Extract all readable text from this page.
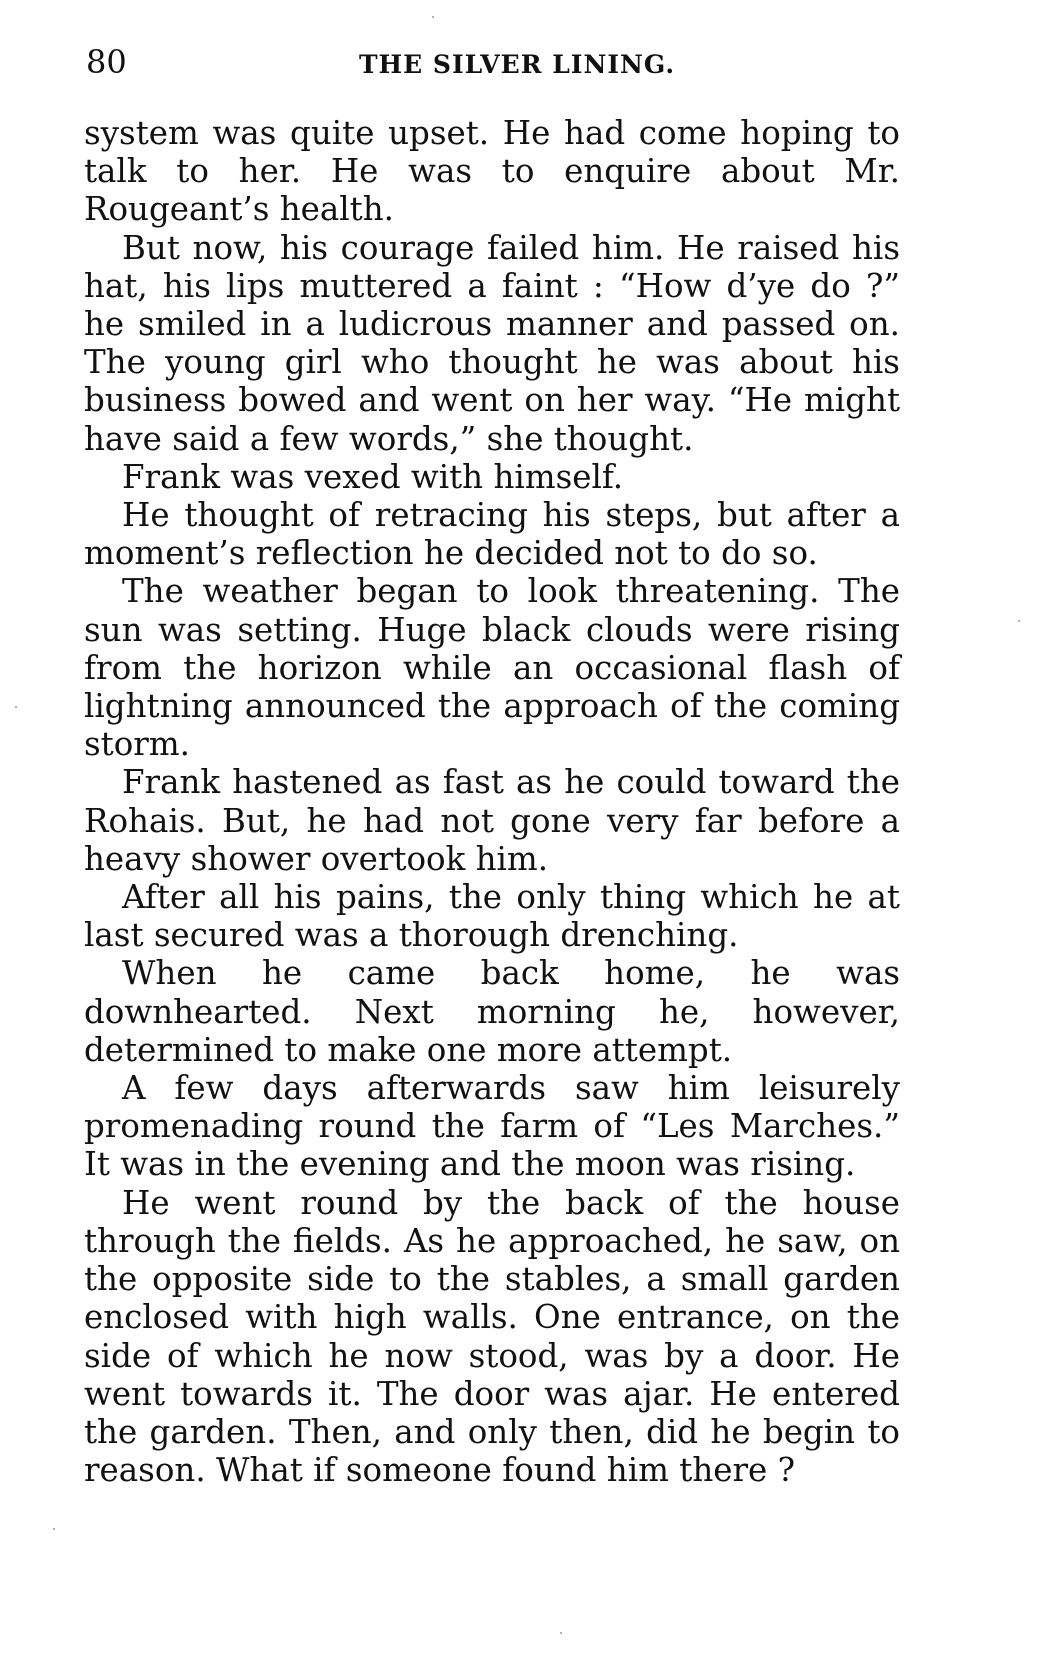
80	THE SILVER LINING.

system was quite upset. He had come hoping to talk to her. He was to enquire about Mr. Rougeant’s health.

But now, his courage failed him. He raised his hat, his lips muttered a faint : “How d’ye do ?” he smiled in a ludicrous manner and passed on. The young girl who thought he was about his business bowed and went on her way. “He might have said a few words,” she thought.

Frank was vexed with himself.

He thought of retracing his steps, but after a moment’s reflection he decided not to do so.

The weather began to look threatening. The sun was setting. Huge black clouds were rising from the horizon while an occasional flash of lightning announced the approach of the coming storm.

Frank hastened as fast as he could toward the Rohais. But, he had not gone very far before a heavy shower overtook him.

After all his pains, the only thing which he at last secured was a thorough drenching.

When he came back home, he was downhearted. Next morning he, however, determined to make one more attempt.

A few days afterwards saw him leisurely promenading round the farm of “Les Marches.” It was in the evening and the moon was rising.

He went round by the back of the house through the fields. As he approached, he saw, on the opposite side to the stables, a small garden enclosed with high walls. One entrance, on the side of which he now stood, was by a door. He went towards it. The door was ajar. He entered the garden. Then, and only then, did he begin to reason. What if someone found him there ?
